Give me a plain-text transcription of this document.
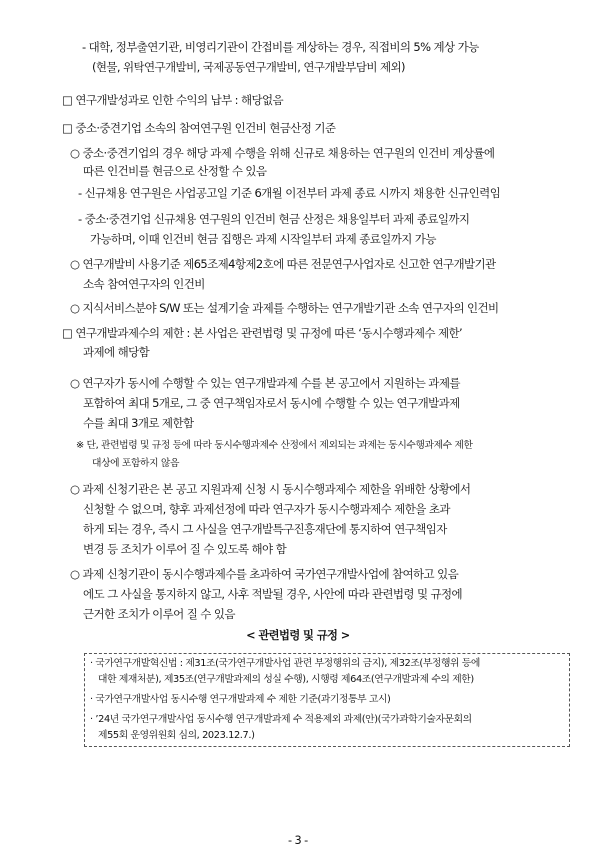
- 대학, 정부출연기관, 비영리기관이 간접비를 계상하는 경우, 직접비의 5% 계상 가능
(현물, 위탁연구개발비, 국제공동연구개발비, 연구개발부담비 제외)
□ 연구개발성과로 인한 수익의 납부 : 해당없음
□ 중소·중견기업 소속의 참여연구원 인건비 현금산정 기준
○ 중소·중견기업의 경우 해당 과제 수행을 위해 신규로 채용하는 연구원의 인건비 계상률에
따른 인건비를 현금으로 산정할 수 있음
- 신규채용 연구원은 사업공고일 기준 6개월 이전부터 과제 종료 시까지 채용한 신규인력임
- 중소·중견기업 신규채용 연구원의 인건비 현금 산정은 채용일부터 과제 종료일까지
가능하며, 이때 인건비 현금 집행은 과제 시작일부터 과제 종료일까지 가능
○ 연구개발비 사용기준 제65조제4항제2호에 따른 전문연구사업자로 신고한 연구개발기관
소속 참여연구자의 인건비
○ 지식서비스분야 S/W 또는 설계기술 과제를 수행하는 연구개발기관 소속 연구자의 인건비
□ 연구개발과제수의 제한 : 본 사업은 관련법령 및 규정에 따른 ‘동시수행과제수 제한’
과제에 해당함
○ 연구자가 동시에 수행할 수 있는 연구개발과제 수를 본 공고에서 지원하는 과제를
포함하여 최대 5개로, 그 중 연구책임자로서 동시에 수행할 수 있는 연구개발과제
수를 최대 3개로 제한함
※ 단, 관련법령 및 규정 등에 따라 동시수행과제수 산정에서 제외되는 과제는 동시수행과제수 제한
대상에 포함하지 않음
○ 과제 신청기관은 본 공고 지원과제 신청 시 동시수행과제수 제한을 위배한 상황에서
신청할 수 없으며, 향후 과제선정에 따라 연구자가 동시수행과제수 제한을 초과
하게 되는 경우, 즉시 그 사실을 연구개발특구진흥재단에 통지하여 연구책임자
변경 등 조치가 이루어 질 수 있도록 해야 함
○ 과제 신청기관이 동시수행과제수를 초과하여 국가연구개발사업에 참여하고 있음
에도 그 사실을 통지하지 않고, 사후 적발될 경우, 사안에 따라 관련법령 및 규정에
근거한 조치가 이루어 질 수 있음
< 관련법령 및 규정 >
· 국가연구개발혁신법 : 제31조(국가연구개발사업 관련 부정행위의 금지), 제32조(부정행위 등에
대한 제재처분), 제35조(연구개발과제의 성실 수행), 시행령 제64조(연구개발과제 수의 제한)
· 국가연구개발사업 동시수행 연구개발과제 수 제한 기준(과기정통부 고시)
· ’24년 국가연구개발사업 동시수행 연구개발과제 수 적용제외 과제(안)(국가과학기술자문회의
제55회 운영위원회 심의, 2023.12.7.)
- 3 -
